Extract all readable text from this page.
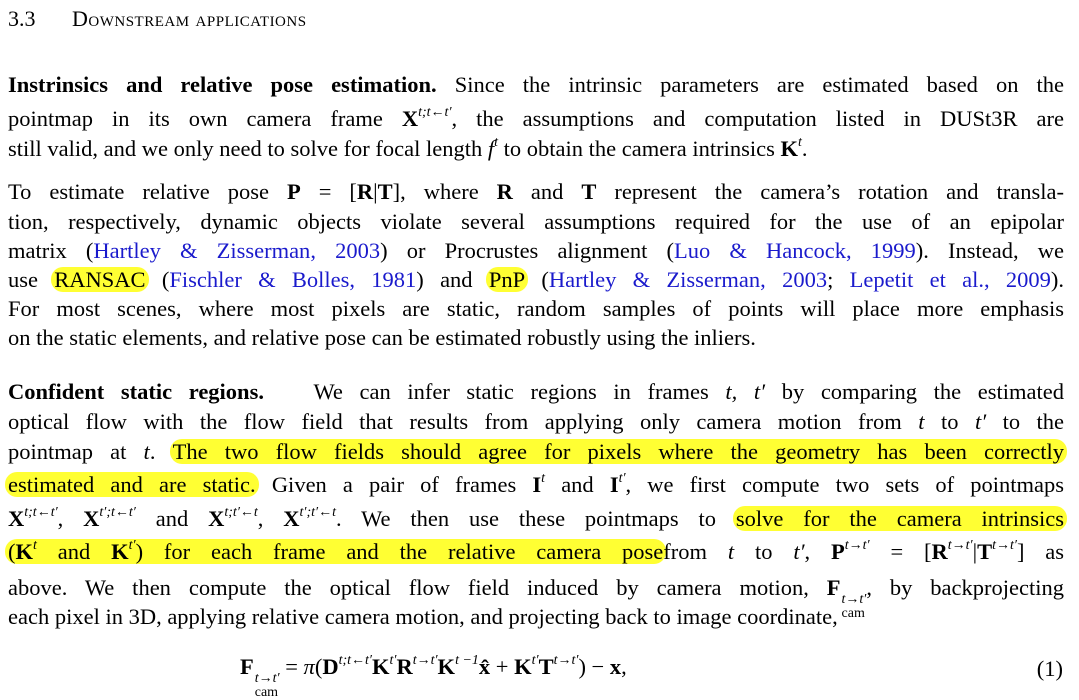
3.3 Downstream applications
Instrinsics and relative pose estimation. Since the intrinsic parameters are estimated based on the
pointmap in its own camera frame $X^{t;t\leftarrow t'}$, the assumptions and computation listed in DUSt3R are
still valid, and we only need to solve for focal length $f^t$ to obtain the camera intrinsics $K^t$.
To estimate relative pose P = [R|T], where R and T represent the camera’s rotation and transla-
tion, respectively, dynamic objects violate several assumptions required for the use of an epipolar
matrix (Hartley & Zisserman, 2003) or Procrustes alignment (Luo & Hancock, 1999). Instead, we
use RANSAC (Fischler & Bolles, 1981) and PnP (Hartley & Zisserman, 2003; Lepetit et al., 2009).
For most scenes, where most pixels are static, random samples of points will place more emphasis
on the static elements, and relative pose can be estimated robustly using the inliers.
Confident static regions. We can infer static regions in frames t, t′ by comparing the estimated
optical flow with the flow field that results from applying only camera motion from t to t′ to the
pointmap at t. The two flow fields should agree for pixels where the geometry has been correctly
estimated and are static. Given a pair of frames $I^t$ and $I^{t'}$, we first compute two sets of pointmaps
$X^{t;t\leftarrow t'}$, $X^{t';t\leftarrow t'}$ and $X^{t;t'\leftarrow t}$, $X^{t';t'\leftarrow t}$. We then use these pointmaps to solve for the camera intrinsics
($K^t$ and $K^{t'}$) for each frame and the relative camera posefrom t to t′, $P^{t\to t'} = [R^{t\to t'}|T^{t\to t'}]$ as
above. We then compute the optical flow field induced by camera motion, F t→t′
cam
, by backprojecting
each pixel in 3D, applying relative camera motion, and projecting back to image coordinate,
F t→t′
cam
= $\pi(D^{t;t\leftarrow t'}K^{t'}R^{t\to t'}K^{t -1}x̂ + K^{t'}T^{t\to t'}) - x$,	(1)
